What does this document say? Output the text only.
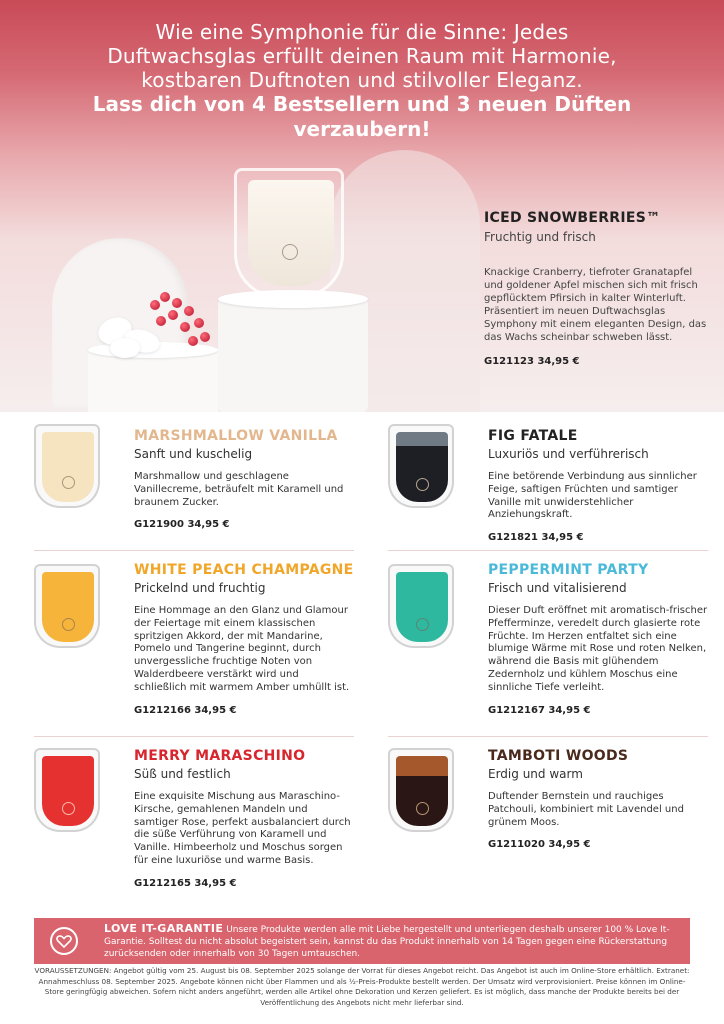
Wie eine Symphonie für die Sinne: Jedes
Duftwachsglas erfüllt deinen Raum mit Harmonie,
kostbaren Duftnoten und stilvoller Eleganz.
Lass dich von 4 Bestsellern und 3 neuen Düften
verzaubern!
ICED SNOWBERRIES™
Fruchtig und frisch
Knackige Cranberry, tiefroter Granatapfel und goldener Apfel mischen sich mit frisch gepflücktem Pfirsich in kalter Winterluft. Präsentiert im neuen Duftwachsglas Symphony mit einem eleganten Design, das das Wachs scheinbar schweben lässt.
G121123 34,95 €
MARSHMALLOW VANILLA
Sanft und kuschelig
Marshmallow und geschlagene Vanillecreme, beträufelt mit Karamell und braunem Zucker.
G121900 34,95 €
FIG FATALE
Luxuriös und verführerisch
Eine betörende Verbindung aus sinnlicher Feige, saftigen Früchten und samtiger Vanille mit unwiderstehlicher Anziehungskraft.
G121821 34,95 €
WHITE PEACH CHAMPAGNE
Prickelnd und fruchtig
Eine Hommage an den Glanz und Glamour der Feiertage mit einem klassischen spritzigen Akkord, der mit Mandarine, Pomelo und Tangerine beginnt, durch unvergessliche fruchtige Noten von Walderdbeere verstärkt wird und schließlich mit warmem Amber umhüllt ist.
G1212166 34,95 €
PEPPERMINT PARTY
Frisch und vitalisierend
Dieser Duft eröffnet mit aromatisch-frischer Pfefferminze, veredelt durch glasierte rote Früchte. Im Herzen entfaltet sich eine blumige Wärme mit Rose und roten Nelken, während die Basis mit glühendem Zedernholz und kühlem Moschus eine sinnliche Tiefe verleiht.
G1212167 34,95 €
MERRY MARASCHINO
Süß und festlich
Eine exquisite Mischung aus Maraschino-Kirsche, gemahlenen Mandeln und samtiger Rose, perfekt ausbalanciert durch die süße Verführung von Karamell und Vanille. Himbeerholz und Moschus sorgen für eine luxuriöse und warme Basis.
G1212165 34,95 €
TAMBOTI WOODS
Erdig und warm
Duftender Bernstein und rauchiges Patchouli, kombiniert mit Lavendel und grünem Moos.
G1211020 34,95 €
LOVE IT-GARANTIE Unsere Produkte werden alle mit Liebe hergestellt und unterliegen deshalb unserer 100 % Love It-Garantie. Solltest du nicht absolut begeistert sein, kannst du das Produkt innerhalb von 14 Tagen gegen eine Rückerstattung zurücksenden oder innerhalb von 30 Tagen umtauschen.
VORAUSSETZUNGEN: Angebot gültig vom 25. August bis 08. September 2025 solange der Vorrat für dieses Angebot reicht. Das Angebot ist auch im Online-Store erhältlich. Extranet: Annahmeschluss 08. September 2025. Angebote können nicht über Flammen und als ½-Preis-Produkte bestellt werden. Der Umsatz wird verprovisioniert. Preise können im Online-Store geringfügig abweichen. Sofern nicht anders angeführt, werden alle Artikel ohne Dekoration und Kerzen geliefert. Es ist möglich, dass manche der Produkte bereits bei der Veröffentlichung des Angebots nicht mehr lieferbar sind.
